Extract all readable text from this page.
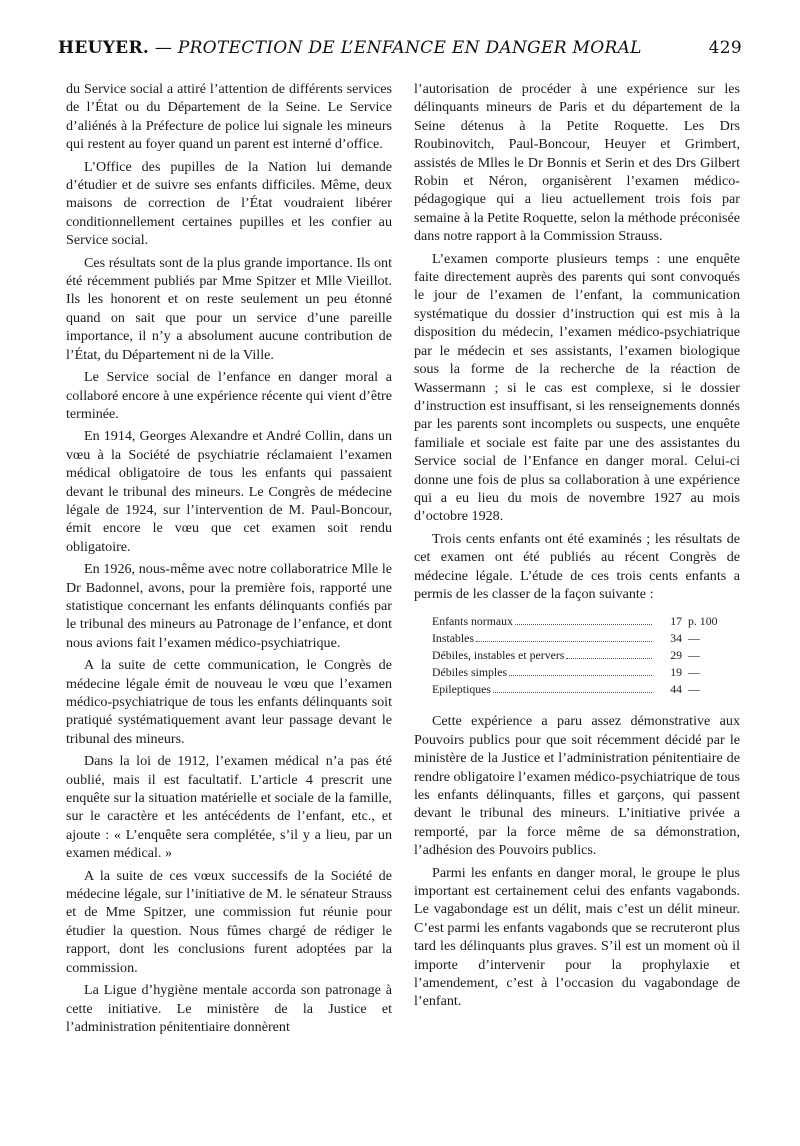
HEUYER. — PROTECTION DE L’ENFANCE EN DANGER MORAL	429

du Service social a attiré l’attention de différents services de l’État ou du Département de la Seine. Le Service d’aliénés à la Préfecture de police lui signale les mineurs qui restent au foyer quand un parent est interné d’office.

L’Office des pupilles de la Nation lui demande d’étudier et de suivre ses enfants difficiles. Même, deux maisons de correction de l’État voudraient libérer conditionnellement certaines pupilles et les confier au Service social.

Ces résultats sont de la plus grande importance. Ils ont été récemment publiés par Mme Spitzer et Mlle Vieillot. Ils les honorent et on reste seulement un peu étonné quand on sait que pour un service d’une pareille importance, il n’y a absolument aucune contribution de l’État, du Département ni de la Ville.

Le Service social de l’enfance en danger moral a collaboré encore à une expérience récente qui vient d’être terminée.

En 1914, Georges Alexandre et André Collin, dans un vœu à la Société de psychiatrie réclamaient l’examen médical obligatoire de tous les enfants qui passaient devant le tribunal des mineurs. Le Congrès de médecine légale de 1924, sur l’intervention de M. Paul-Boncour, émit encore le vœu que cet examen soit rendu obligatoire.

En 1926, nous-même avec notre collaboratrice Mlle le Dr Badonnel, avons, pour la première fois, rapporté une statistique concernant les enfants délinquants confiés par le tribunal des mineurs au Patronage de l’enfance, et dont nous avions fait l’examen médico-psychiatrique.

A la suite de cette communication, le Congrès de médecine légale émit de nouveau le vœu que l’examen médico-psychiatrique de tous les enfants délinquants soit pratiqué systématiquement avant leur passage devant le tribunal des mineurs.

Dans la loi de 1912, l’examen médical n’a pas été oublié, mais il est facultatif. L’article 4 prescrit une enquête sur la situation matérielle et sociale de la famille, sur le caractère et les antécédents de l’enfant, etc., et ajoute : « L’enquête sera complétée, s’il y a lieu, par un examen médical. »

A la suite de ces vœux successifs de la Société de médecine légale, sur l’initiative de M. le sénateur Strauss et de Mme Spitzer, une commission fut réunie pour étudier la question. Nous fûmes chargé de rédiger le rapport, dont les conclusions furent adoptées par la commission.

La Ligue d’hygiène mentale accorda son patronage à cette initiative. Le ministère de la Justice et l’administration pénitentiaire donnèrent

l’autorisation de procéder à une expérience sur les délinquants mineurs de Paris et du département de la Seine détenus à la Petite Roquette. Les Drs Roubinovitch, Paul-Boncour, Heuyer et Grimbert, assistés de Mlles le Dr Bonnis et Serin et des Drs Gilbert Robin et Néron, organisèrent l’examen médico-pédagogique qui a lieu actuellement trois fois par semaine à la Petite Roquette, selon la méthode préconisée dans notre rapport à la Commission Strauss.

L’examen comporte plusieurs temps : une enquête faite directement auprès des parents qui sont convoqués le jour de l’examen de l’enfant, la communication systématique du dossier d’instruction qui est mis à la disposition du médecin, l’examen médico-psychiatrique par le médecin et ses assistants, l’examen biologique sous la forme de la recherche de la réaction de Wassermann ; si le cas est complexe, si le dossier d’instruction est insuffisant, si les renseignements donnés par les parents sont incomplets ou suspects, une enquête familiale et sociale est faite par une des assistantes du Service social de l’Enfance en danger moral. Celui-ci donne une fois de plus sa collaboration à une expérience qui a eu lieu du mois de novembre 1927 au mois d’octobre 1928.

Trois cents enfants ont été examinés ; les résultats de cet examen ont été publiés au récent Congrès de médecine légale. L’étude de ces trois cents enfants a permis de les classer de la façon suivante :

Enfants normaux	17 p. 100
Instables	34 —
Débiles, instables et pervers	29 —
Débiles simples	19 —
Epileptiques	44 —

Cette expérience a paru assez démonstrative aux Pouvoirs publics pour que soit récemment décidé par le ministère de la Justice et l’administration pénitentiaire de rendre obligatoire l’examen médico-psychiatrique de tous les enfants délinquants, filles et garçons, qui passent devant le tribunal des mineurs. L’initiative privée a remporté, par la force même de sa démonstration, l’adhésion des Pouvoirs publics.

Parmi les enfants en danger moral, le groupe le plus important est certainement celui des enfants vagabonds. Le vagabondage est un délit, mais c’est un délit mineur. C’est parmi les enfants vagabonds que se recruteront plus tard les délinquants plus graves. S’il est un moment où il importe d’intervenir pour la prophylaxie et l’amendement, c’est à l’occasion du vagabondage de l’enfant.
